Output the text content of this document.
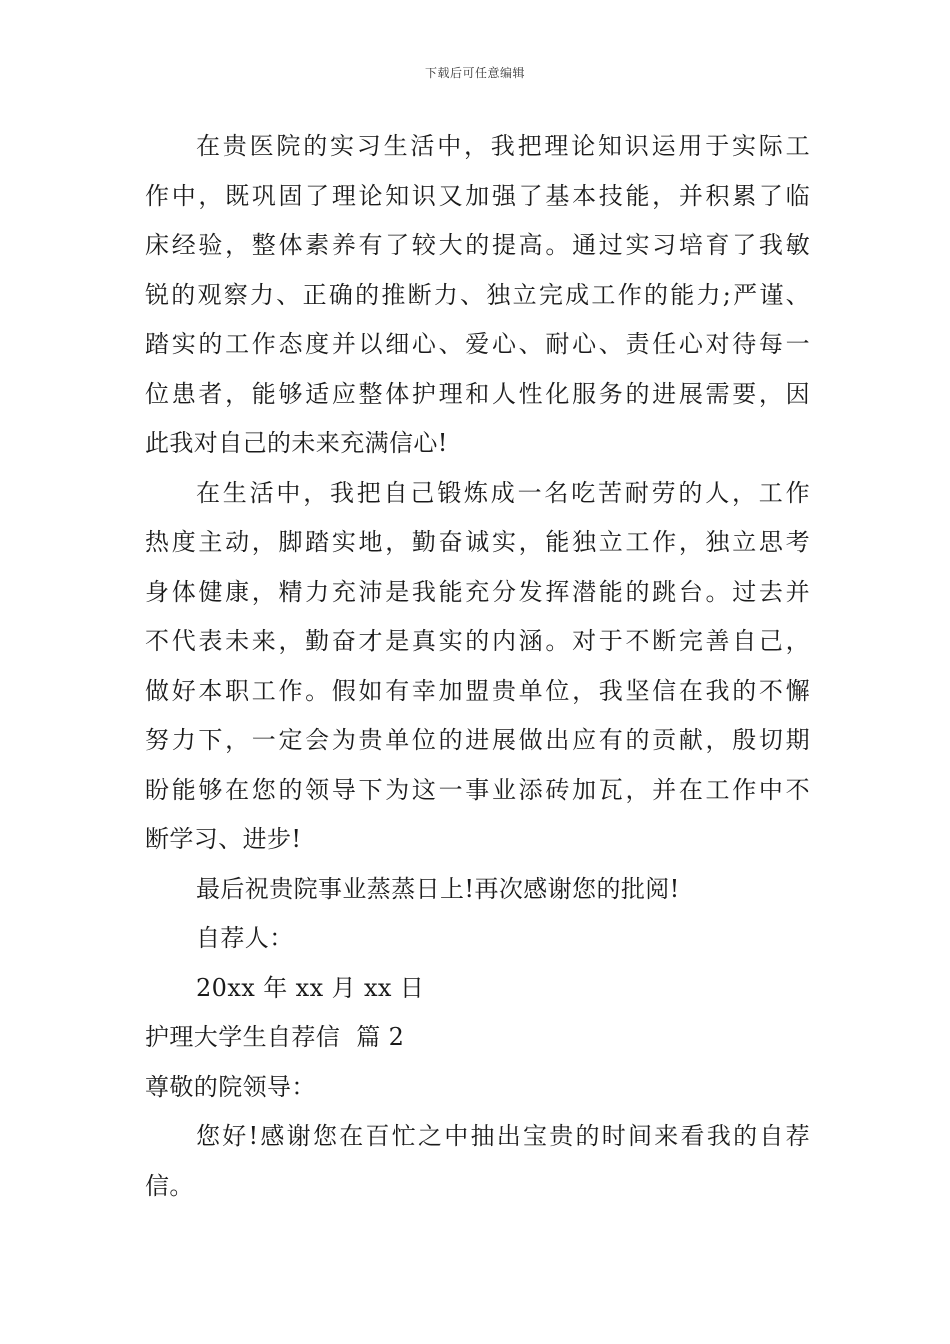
下载后可任意编辑
在贵医院的实习生活中，我把理论知识运用于实际工
作中，既巩固了理论知识又加强了基本技能，并积累了临
床经验，整体素养有了较大的提高。通过实习培育了我敏
锐的观察力、正确的推断力、独立完成工作的能力;严谨、
踏实的工作态度并以细心、爱心、耐心、责任心对待每一
位患者，能够适应整体护理和人性化服务的进展需要，因
此我对自己的未来充满信心!
在生活中，我把自己锻炼成一名吃苦耐劳的人，工作
热度主动，脚踏实地，勤奋诚实，能独立工作，独立思考
身体健康，精力充沛是我能充分发挥潜能的跳台。过去并
不代表未来，勤奋才是真实的内涵。对于不断完善自己，
做好本职工作。假如有幸加盟贵单位，我坚信在我的不懈
努力下，一定会为贵单位的进展做出应有的贡献，殷切期
盼能够在您的领导下为这一事业添砖加瓦，并在工作中不
断学习、进步!
最后祝贵院事业蒸蒸日上!再次感谢您的批阅!
自荐人：
20xx 年 xx 月 xx 日
护理大学生自荐信  篇 2
尊敬的院领导：
您好!感谢您在百忙之中抽出宝贵的时间来看我的自荐
信。
